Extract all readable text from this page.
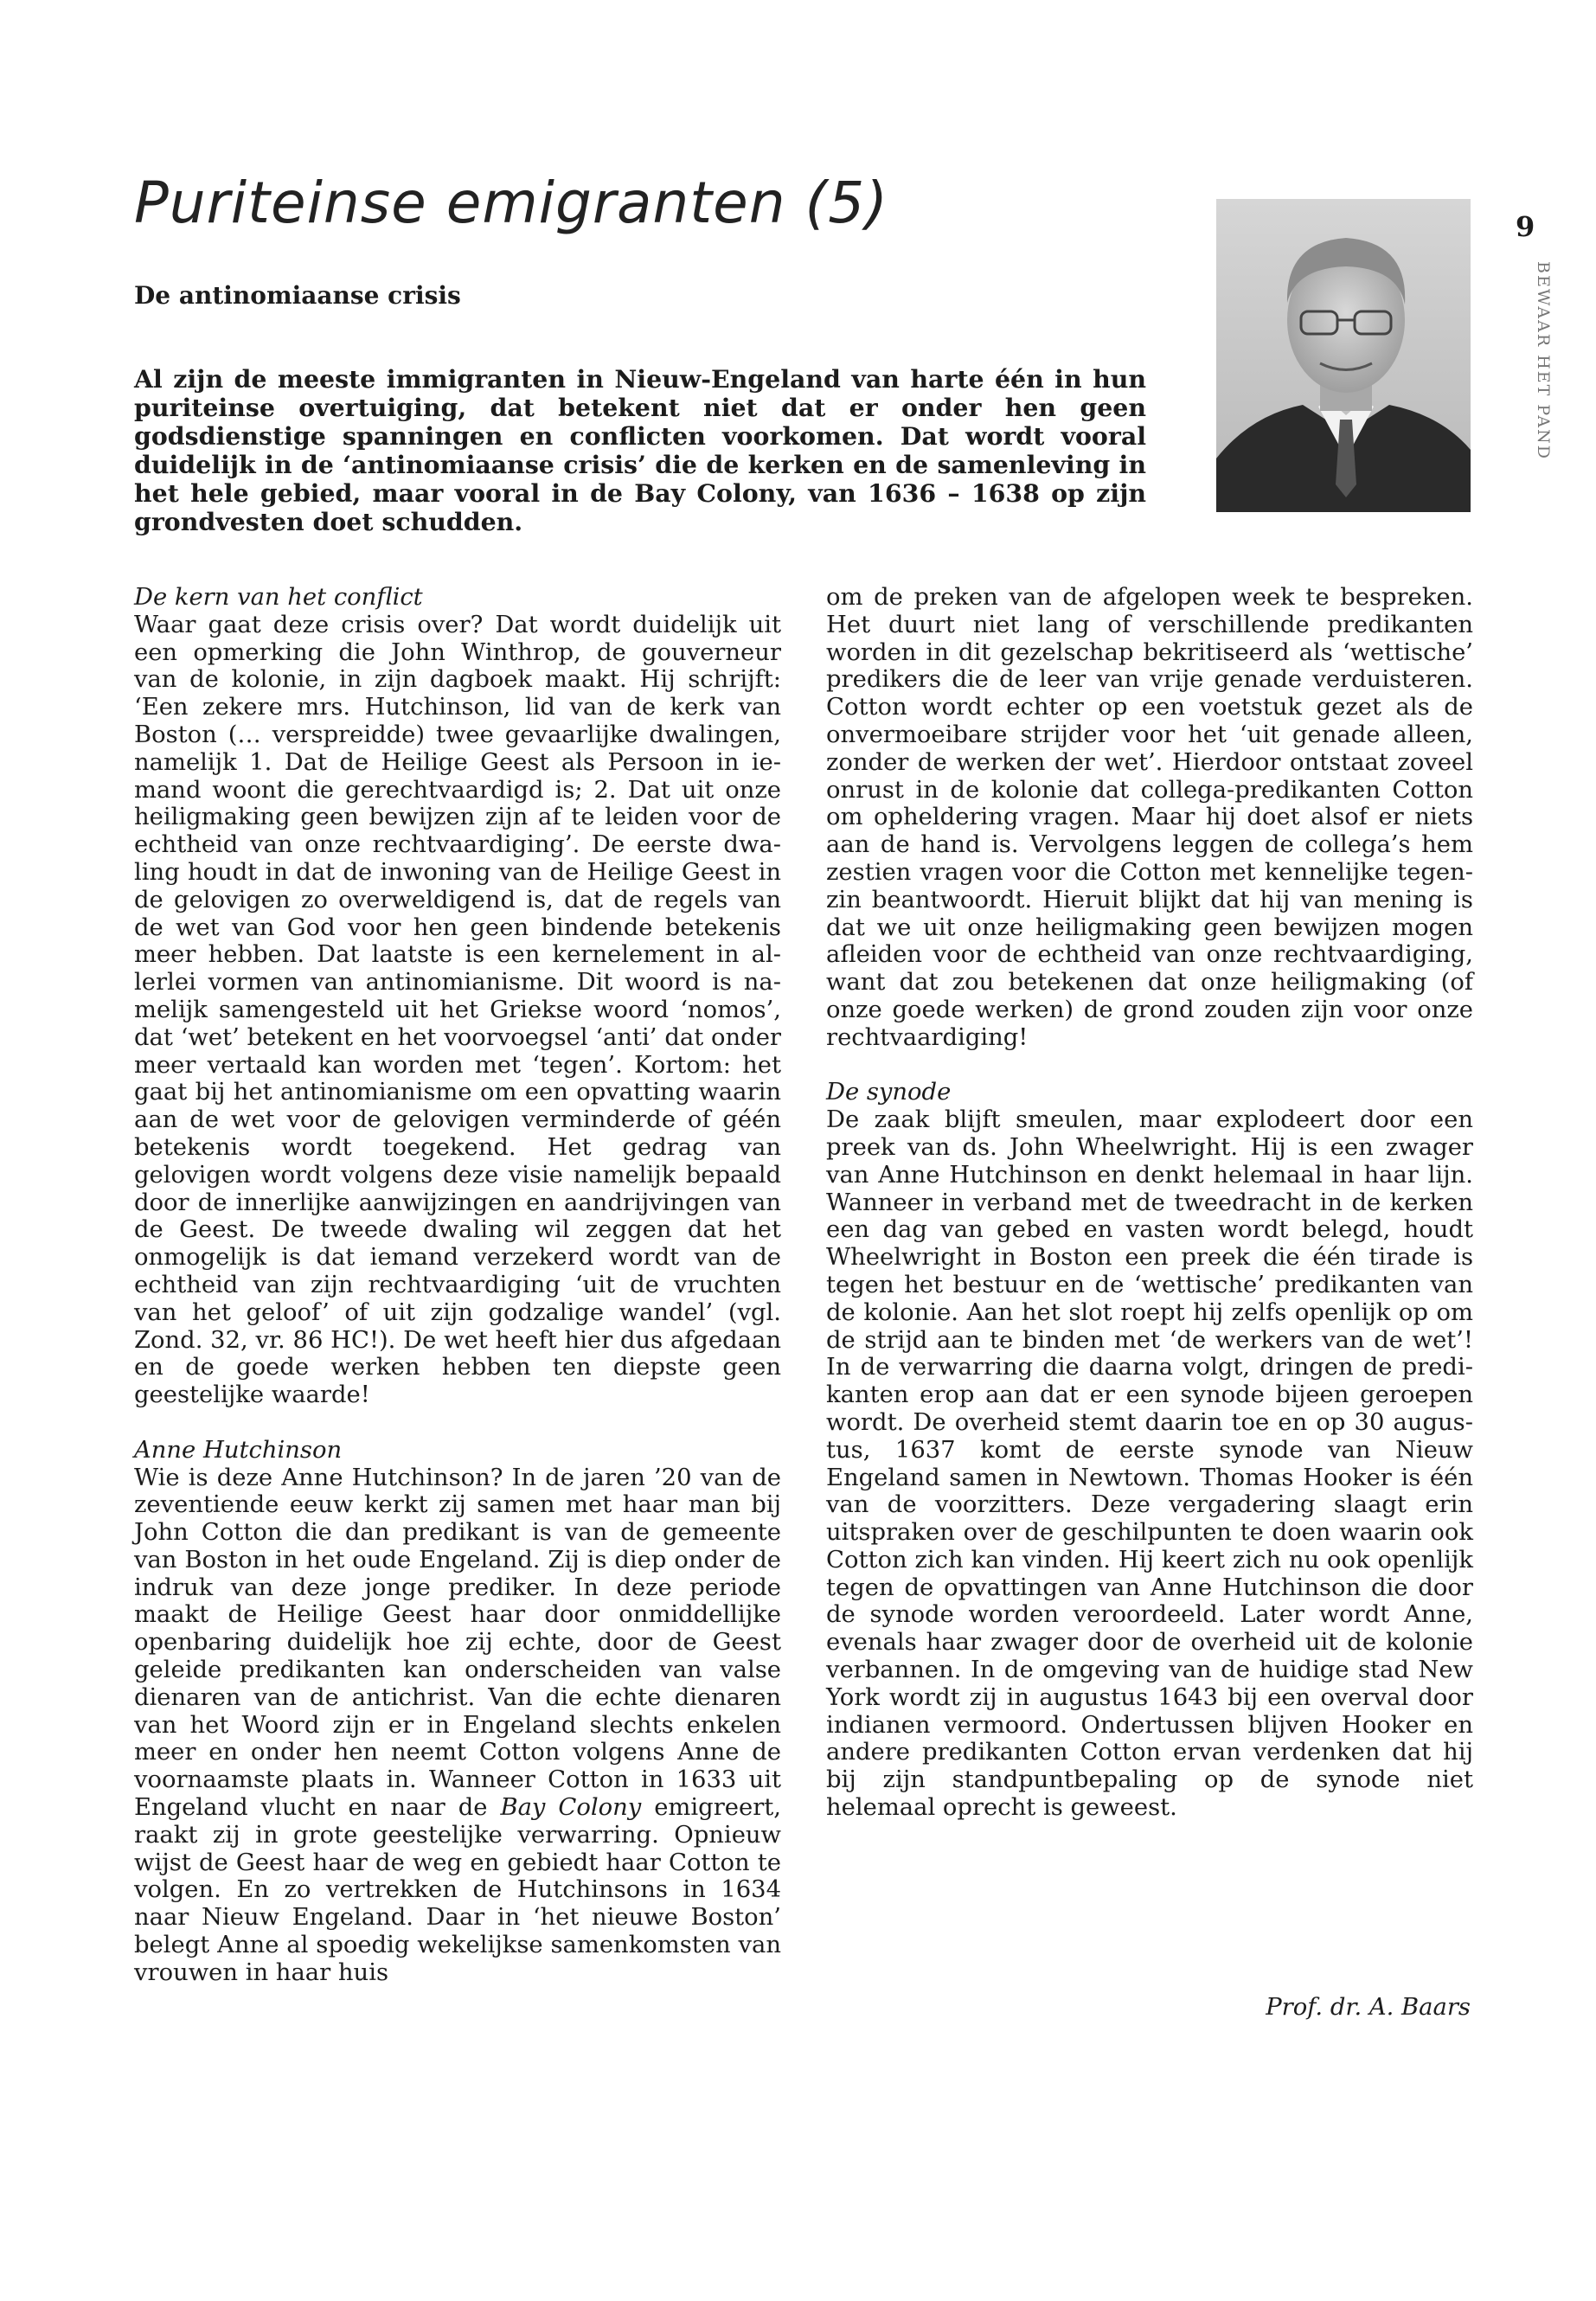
Puriteinse emigranten (5)
De antinomiaanse crisis

Al zijn de meeste immigranten in Nieuw-Engeland van harte één in hun puriteinse overtuiging, dat betekent niet dat er onder hen geen godsdienstige spanningen en conflicten voorkomen. Dat wordt vooral duidelijk in de ‘antinomiaanse crisis’ die de kerken en de samenleving in het hele gebied, maar vooral in de Bay Colony, van 1636 – 1638 op zijn grondvesten doet schudden.

9
BEWAAR HET PAND
De kern van het conflict

Waar gaat deze crisis over? Dat wordt duidelijk uit een opmerking die John Winthrop, de gouverneur van de kolonie, in zijn dagboek maakt. Hij schrijft: ‘Een zekere mrs. Hutchinson, lid van de kerk van Boston (… verspreidde) twee gevaarlijke dwalingen, namelijk 1. Dat de Heilige Geest als Persoon in iemand woont die gerechtvaardigd is; 2. Dat uit onze heiligmaking geen bewijzen zijn af te leiden voor de echtheid van onze rechtvaardiging’. De eerste dwaling houdt in dat de inwoning van de Heilige Geest in de gelovigen zo overweldigend is, dat de regels van de wet van God voor hen geen bindende betekenis meer hebben. Dat laatste is een kernelement in allerlei vormen van antinomianisme. Dit woord is namelijk samengesteld uit het Griekse woord ‘nomos’, dat ‘wet’ betekent en het voorvoegsel ‘anti’ dat onder meer vertaald kan worden met ‘tegen’. Kortom: het gaat bij het antinomianisme om een opvatting waarin aan de wet voor de gelovigen verminderde of géén betekenis wordt toegekend. Het gedrag van gelovigen wordt volgens deze visie namelijk bepaald door de innerlijke aanwijzingen en aandrijvingen van de Geest. De tweede dwaling wil zeggen dat het onmogelijk is dat iemand verzekerd wordt van de echtheid van zijn rechtvaardiging ‘uit de vruchten van het geloof’ of uit zijn godzalige wandel’ (vgl. Zond. 32, vr. 86 HC!). De wet heeft hier dus afgedaan en de goede werken hebben ten diepste geen geestelijke waarde!

Anne Hutchinson

Wie is deze Anne Hutchinson? In de jaren ’20 van de zeventiende eeuw kerkt zij samen met haar man bij John Cotton die dan predikant is van de gemeente van Boston in het oude Engeland. Zij is diep onder de indruk van deze jonge prediker. In deze periode maakt de Heilige Geest haar door onmiddellijke openbaring duidelijk hoe zij echte, door de Geest geleide predikanten kan onderscheiden van valse dienaren van de antichrist. Van die echte dienaren van het Woord zijn er in Engeland slechts enkelen meer en onder hen neemt Cotton volgens Anne de voornaamste plaats in. Wanneer Cotton in 1633 uit Engeland vlucht en naar de Bay Colony emigreert, raakt zij in grote geestelijke verwarring. Opnieuw wijst de Geest haar de weg en gebiedt haar Cotton te volgen. En zo vertrekken de Hutchinsons in 1634 naar Nieuw Engeland. Daar in ‘het nieuwe Boston’ belegt Anne al spoedig wekelijkse samenkomsten van vrouwen in haar huis

om de preken van de afgelopen week te bespreken. Het duurt niet lang of verschillende predikanten worden in dit gezelschap bekritiseerd als ‘wettische’ predikers die de leer van vrije genade verduisteren. Cotton wordt echter op een voetstuk gezet als de onvermoeibare strijder voor het ‘uit genade alleen, zonder de werken der wet’. Hierdoor ontstaat zoveel onrust in de kolonie dat collega-predikanten Cotton om opheldering vragen. Maar hij doet alsof er niets aan de hand is. Vervolgens leggen de collega’s hem zestien vragen voor die Cotton met kennelijke tegenzin beantwoordt. Hieruit blijkt dat hij van mening is dat we uit onze heiligmaking geen bewijzen mogen afleiden voor de echtheid van onze rechtvaardiging, want dat zou betekenen dat onze heiligmaking (of onze goede werken) de grond zouden zijn voor onze rechtvaardiging!

De synode

De zaak blijft smeulen, maar explodeert door een preek van ds. John Wheelwright. Hij is een zwager van Anne Hutchinson en denkt helemaal in haar lijn. Wanneer in verband met de tweedracht in de kerken een dag van gebed en vasten wordt belegd, houdt Wheelwright in Boston een preek die één tirade is tegen het bestuur en de ‘wettische’ predikanten van de kolonie. Aan het slot roept hij zelfs openlijk op om de strijd aan te binden met ‘de werkers van de wet’! In de verwarring die daarna volgt, dringen de predikanten erop aan dat er een synode bijeen geroepen wordt. De overheid stemt daarin toe en op 30 augustus, 1637 komt de eerste synode van Nieuw Engeland samen in Newtown. Thomas Hooker is één van de voorzitters. Deze vergadering slaagt erin uitspraken over de geschilpunten te doen waarin ook Cotton zich kan vinden. Hij keert zich nu ook openlijk tegen de opvattingen van Anne Hutchinson die door de synode worden veroordeeld. Later wordt Anne, evenals haar zwager door de overheid uit de kolonie verbannen. In de omgeving van de huidige stad New York wordt zij in augustus 1643 bij een overval door indianen vermoord. Ondertussen blijven Hooker en andere predikanten Cotton ervan verdenken dat hij bij zijn standpuntbepaling op de synode niet helemaal oprecht is geweest.

Prof. dr. A. Baars
